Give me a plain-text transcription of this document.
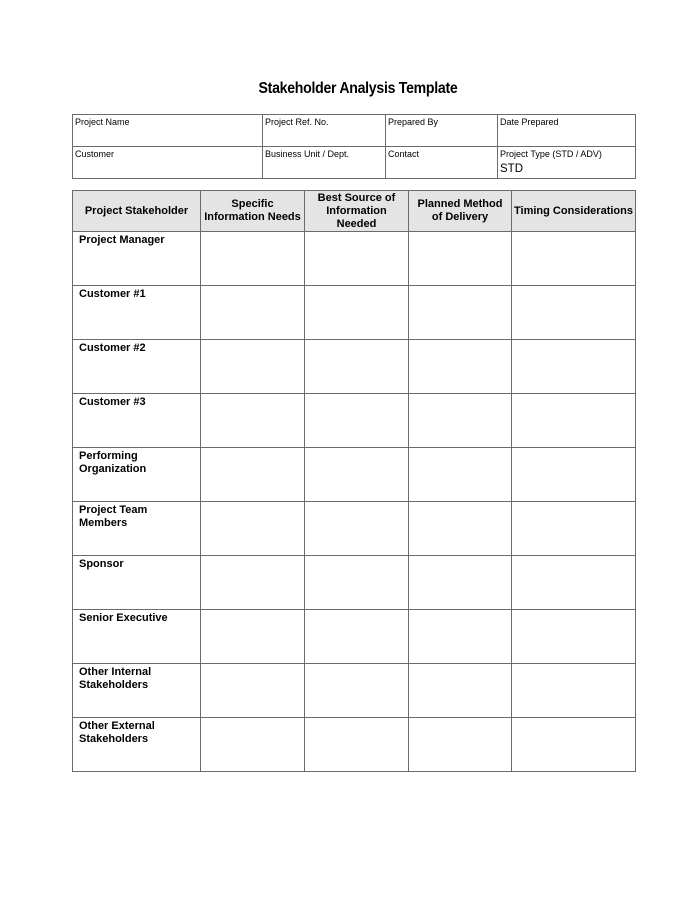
Stakeholder Analysis Template
Project Name	Project Ref. No.	Prepared By	Date Prepared

Customer	Business Unit / Dept.	Contact	Project Type (STD / ADV)
STD
Project Stakeholder	Specific Information Needs	Best Source of Information Needed	Planned Method of Delivery	Timing Considerations
Project Manager				
Customer #1				
Customer #2				
Customer #3				
Performing Organization				
Project Team Members				
Sponsor				
Senior Executive				
Other Internal Stakeholders				
Other External Stakeholders				
